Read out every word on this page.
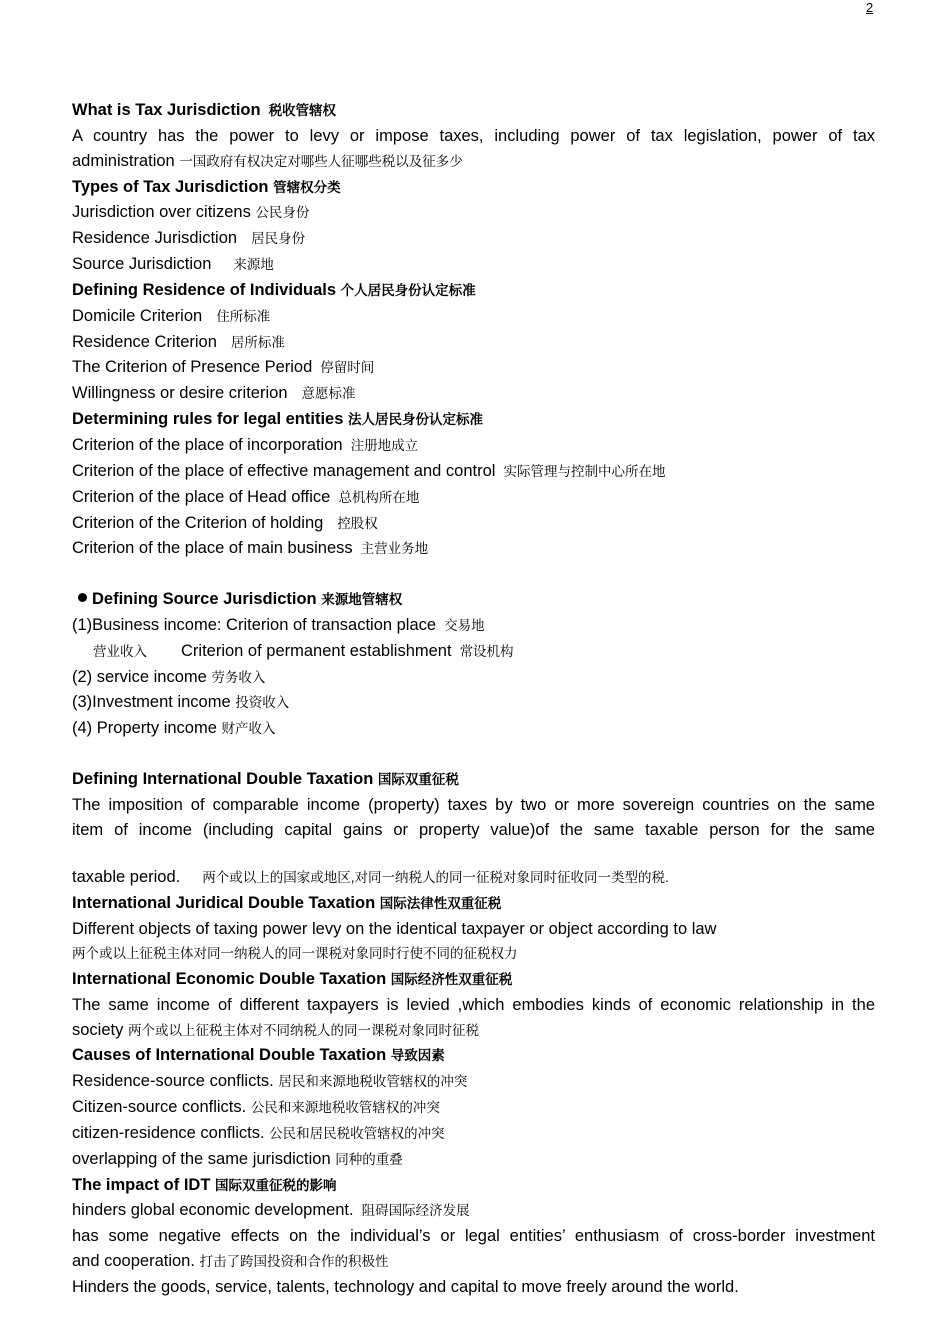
2
What is Tax Jurisdiction 税收管辖权
A country has the power to levy or impose taxes, including power of tax legislation, power of tax
administration 一国政府有权决定对哪些人征哪些税以及征多少
Types of Tax Jurisdiction 管辖权分类
Jurisdiction over citizens 公民身份
Residence Jurisdiction 居民身份
Source Jurisdiction 来源地
Defining Residence of Individuals 个人居民身份认定标准
Domicile Criterion 住所标准
Residence Criterion 居所标准
The Criterion of Presence Period 停留时间
Willingness or desire criterion 意愿标准
Determining rules for legal entities 法人居民身份认定标准
Criterion of the place of incorporation 注册地成立
Criterion of the place of effective management and control 实际管理与控制中心所在地
Criterion of the place of Head office 总机构所在地
Criterion of the Criterion of holding 控股权
Criterion of the place of main business 主营业务地
Defining Source Jurisdiction 来源地管辖权
(1)Business income: Criterion of transaction place 交易地
营业收入 Criterion of permanent establishment 常设机构
(2) service income 劳务收入
(3)Investment income 投资收入
(4) Property income 财产收入
Defining International Double Taxation 国际双重征税
The imposition of comparable income (property) taxes by two or more sovereign countries on the same
item of income (including capital gains or property value)of the same taxable person for the same
taxable period. 两个或以上的国家或地区,对同一纳税人的同一征税对象同时征收同一类型的税.
International Juridical Double Taxation 国际法律性双重征税
Different objects of taxing power levy on the identical taxpayer or object according to law
两个或以上征税主体对同一纳税人的同一课税对象同时行使不同的征税权力
International Economic Double Taxation 国际经济性双重征税
The same income of different taxpayers is levied ,which embodies kinds of economic relationship in the
society 两个或以上征税主体对不同纳税人的同一课税对象同时征税
Causes of International Double Taxation 导致因素
Residence-source conflicts. 居民和来源地税收管辖权的冲突
Citizen-source conflicts. 公民和来源地税收管辖权的冲突
citizen-residence conflicts. 公民和居民税收管辖权的冲突
overlapping of the same jurisdiction 同种的重叠
The impact of IDT 国际双重征税的影响
hinders global economic development. 阻碍国际经济发展
has some negative effects on the individual’s or legal entities’ enthusiasm of cross-border investment
and cooperation. 打击了跨国投资和合作的积极性
Hinders the goods, service, talents, technology and capital to move freely around the world.
